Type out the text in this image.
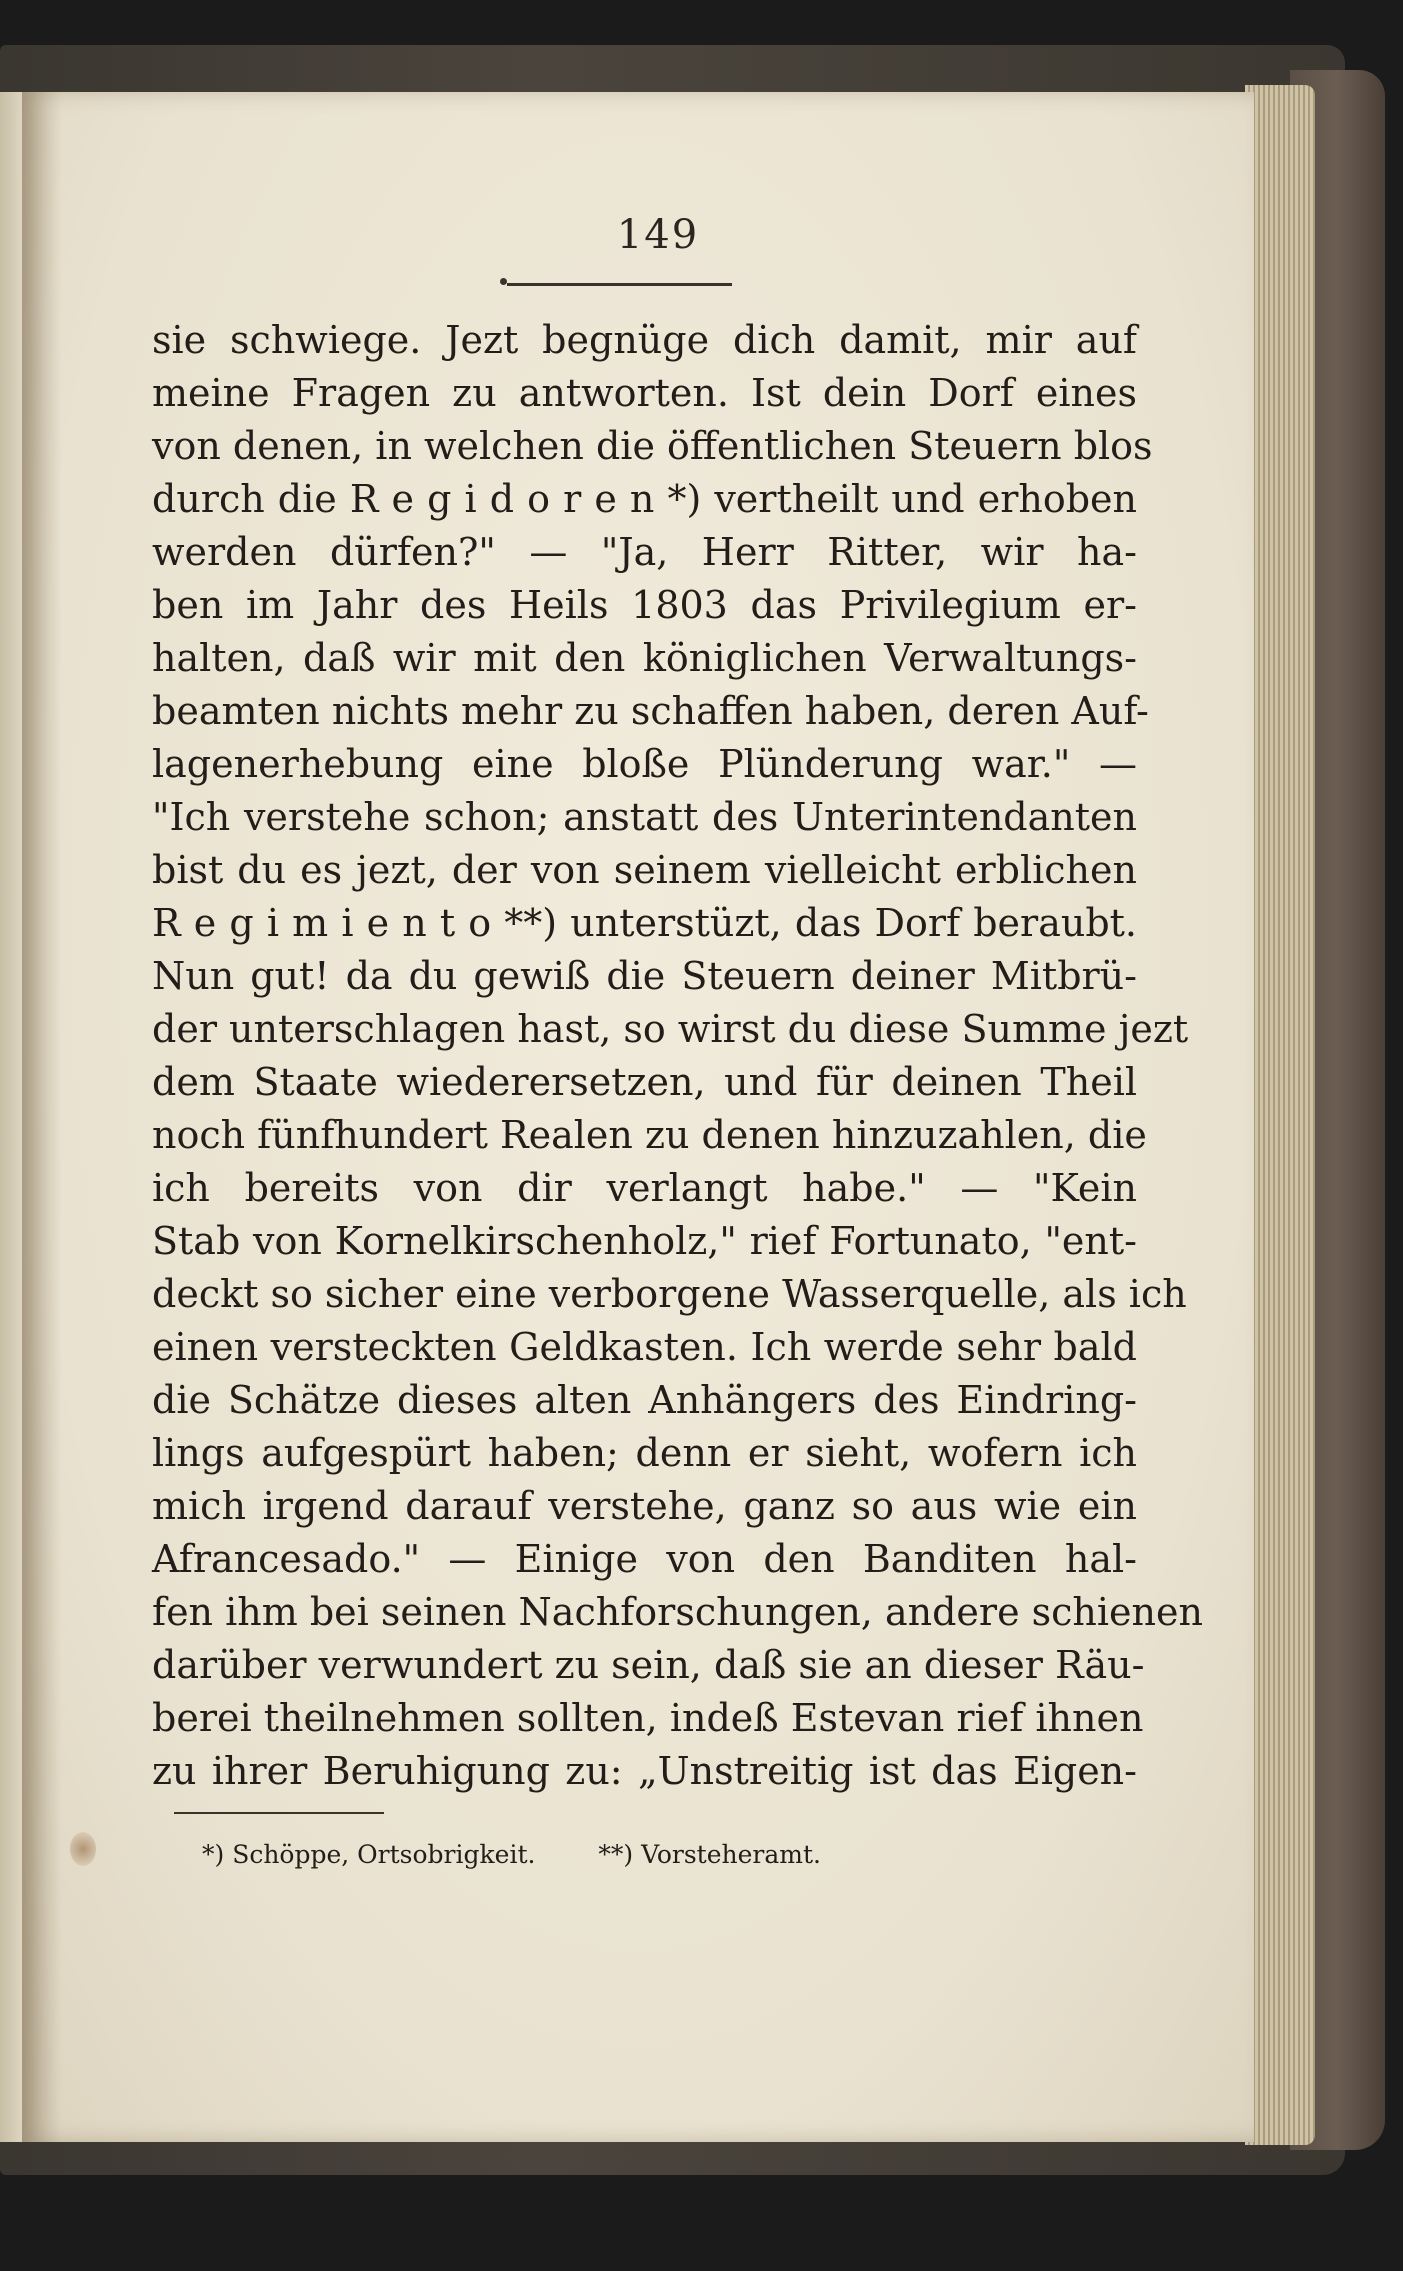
149
sie schwiege. Jezt begnüge dich damit, mir auf
meine Fragen zu antworten. Ist dein Dorf eines
von denen, in welchen die öffentlichen Steuern blos
durch die R e g i d o r e n *) vertheilt und erhoben
werden dürfen?" — "Ja, Herr Ritter, wir ha-
ben im Jahr des Heils 1803 das Privilegium er-
halten, daß wir mit den königlichen Verwaltungs-
beamten nichts mehr zu schaffen haben, deren Auf-
lagenerhebung eine bloße Plünderung war." —
"Ich verstehe schon; anstatt des Unterintendanten
bist du es jezt, der von seinem vielleicht erblichen
R e g i m i e n t o **) unterstüzt, das Dorf beraubt.
Nun gut! da du gewiß die Steuern deiner Mitbrü-
der unterschlagen hast, so wirst du diese Summe jezt
dem Staate wiederersetzen, und für deinen Theil
noch fünfhundert Realen zu denen hinzuzahlen, die
ich bereits von dir verlangt habe." — "Kein
Stab von Kornelkirschenholz," rief Fortunato, "ent-
deckt so sicher eine verborgene Wasserquelle, als ich
einen versteckten Geldkasten. Ich werde sehr bald
die Schätze dieses alten Anhängers des Eindring-
lings aufgespürt haben; denn er sieht, wofern ich
mich irgend darauf verstehe, ganz so aus wie ein
Afrancesado." — Einige von den Banditen hal-
fen ihm bei seinen Nachforschungen, andere schienen
darüber verwundert zu sein, daß sie an dieser Räu-
berei theilnehmen sollten, indeß Estevan rief ihnen
zu ihrer Beruhigung zu: „Unstreitig ist das Eigen-
*) Schöppe, Ortsobrigkeit.	**) Vorsteheramt.
